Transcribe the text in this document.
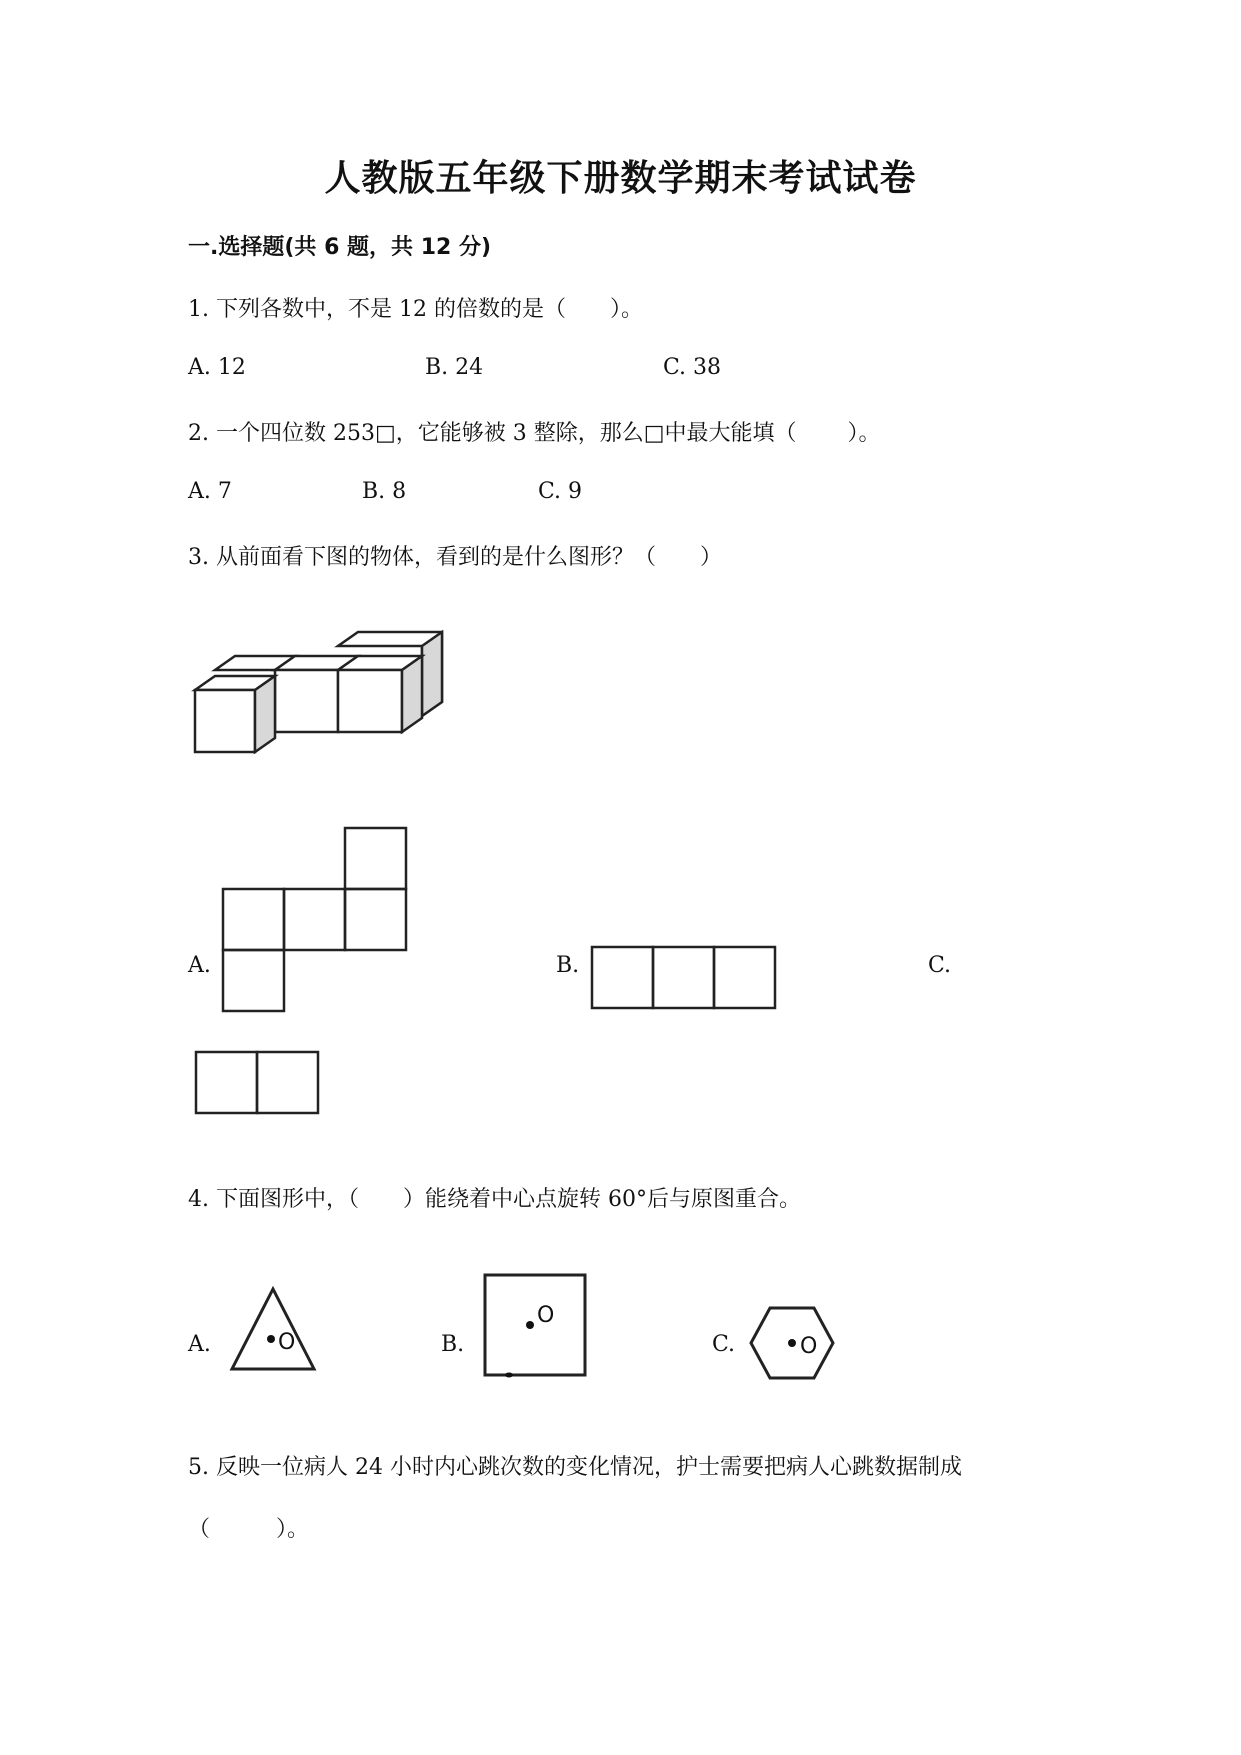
人教版五年级下册数学期末考试试卷
一.选择题(共 6 题，共 12 分)
1. 下列各数中，不是 12 的倍数的是（　　）。
A. 12	B. 24	C. 38
2. 一个四位数 253□，它能够被 3 整除，那么□中最大能填（　　 ）。
A. 7	B. 8	C. 9
3. 从前面看下图的物体，看到的是什么图形？（　　）
A.	B.	C.
4. 下面图形中，（　　）能绕着中心点旋转 60°后与原图重合。
A.	O	B.
O
C.	O
5. 反映一位病人 24 小时内心跳次数的变化情况，护士需要把病人心跳数据制成
（　　　）。
